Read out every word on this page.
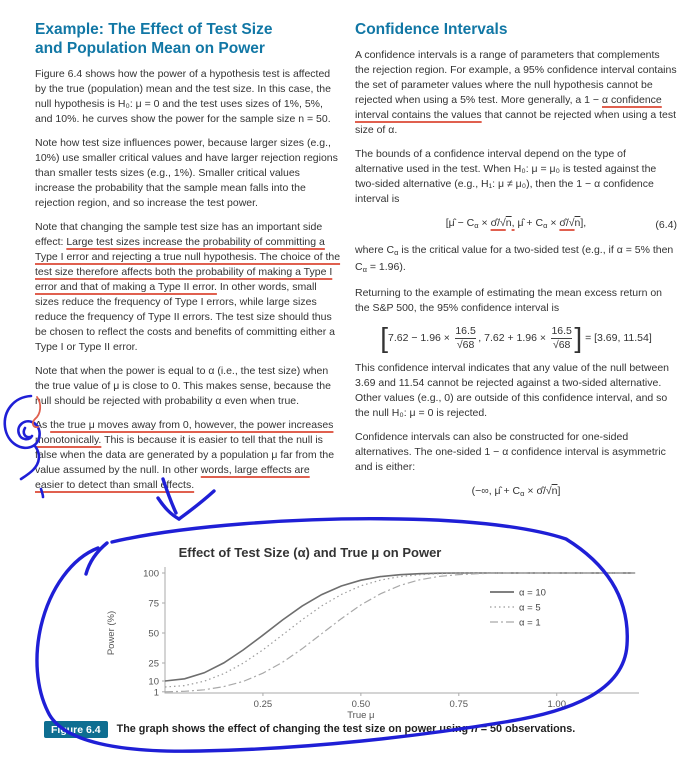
Example: The Effect of Test Size
and Population Mean on Power

Figure 6.4 shows how the power of a hypothesis test is affected by the true (population) mean and the test size. In this case, the null hypothesis is H₀: μ = 0 and the test uses sizes of 1%, 5%, and 10%. he curves show the power for the sample size n = 50.

Note how test size influences power, because larger sizes (e.g., 10%) use smaller critical values and have larger rejection regions than smaller tests sizes (e.g., 1%). Smaller critical values increase the probability that the sample mean falls into the rejection region, and so increase the test power.

Note that changing the sample test size has an important side effect: Large test sizes increase the probability of committing a Type I error and rejecting a true null hypothesis. The choice of the test size therefore affects both the probability of making a Type I error and that of making a Type II error. In other words, small sizes reduce the frequency of Type I errors, while large sizes reduce the frequency of Type II errors. The test size should thus be chosen to reflect the costs and benefits of committing either a Type I or Type II error.

Note that when the power is equal to α (i.e., the test size) when the true value of μ is close to 0. This makes sense, because the null should be rejected with probability α even when true.

As the true μ moves away from 0, however, the power increases monotonically. This is because it is easier to tell that the null is false when the data are generated by a population μ far from the value assumed by the null. In other words, large effects are easier to detect than small effects.

Confidence Intervals

A confidence intervals is a range of parameters that complements the rejection region. For example, a 95% confidence interval contains the set of parameter values where the null hypothesis cannot be rejected when using a 5% test. More generally, a 1 − α confidence interval contains the values that cannot be rejected when using a test size of α.

The bounds of a confidence interval depend on the type of alternative used in the test. When H₀: μ = μ₀ is tested against the two-sided alternative (e.g., H₁: μ ≠ μ₀), then the 1 − α confidence interval is

[μ̂ − $C_\alpha$ × σ̂/√n, μ̂ + $C_\alpha$ × σ̂/√n],	(6.4)

where $C_\alpha$ is the critical value for a two-sided test (e.g., if α = 5% then $C_\alpha = 1.96$).

Returning to the example of estimating the mean excess return on the S&P 500, the 95% confidence interval is

[$7.62 - 1.96 \times \frac{16.5}{√68}$ , $7.62 + 1.96 \times \frac{16.5}{√68}$ ] = [3.69, 11.54]

This confidence interval indicates that any value of the null between 3.69 and 11.54 cannot be rejected against a two-sided alternative. Other values (e.g., 0) are outside of this confidence interval, and so the null H₀: μ = 0 is rejected.

Confidence intervals can also be constructed for one-sided alternatives. The one-sided 1 − α confidence interval is asymmetric and is either:

(−∞, μ̂ + $C_\alpha$ × σ̂/√n]
Effect of Test Size (α) and True μ on Power
1
10
25
50
75
100
0.25	0.50	0.75	1.00
True μ
Power (%)
α = 10
α = 5
α = 1
Figure 6.4	The graph shows the effect of changing the test size on power using n = 50 observations.
